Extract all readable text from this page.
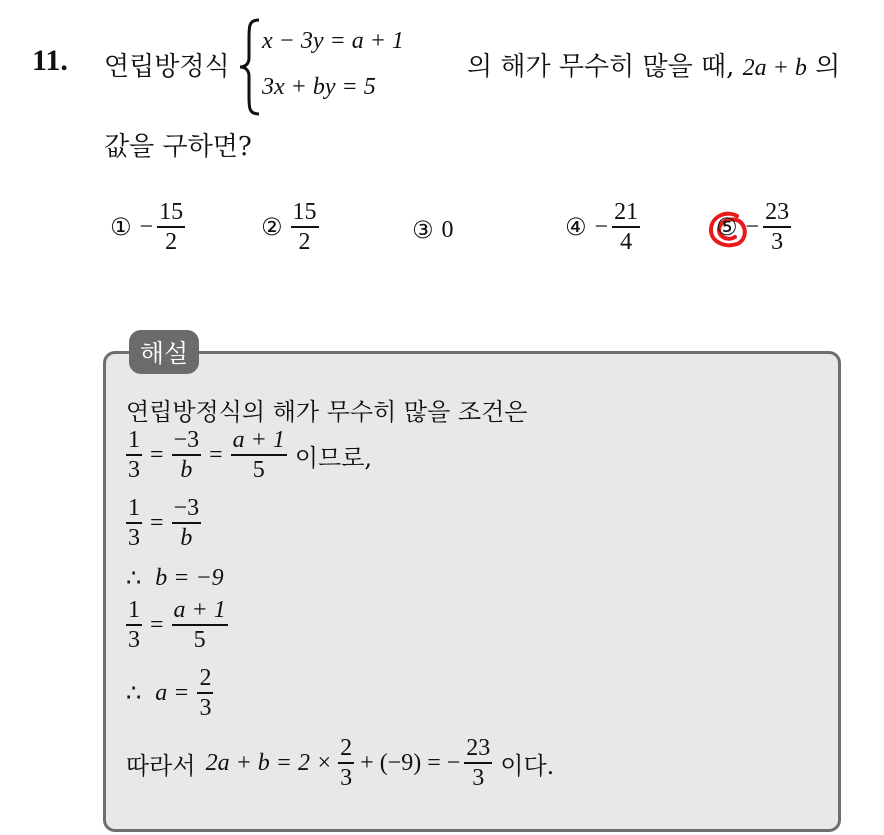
11. 연립방정식
x − 3y = a + 1
3x + by = 5
의 해가 무수히 많을 때, 2a + b 의
값을 구하면?
① − $\frac{15}{2}$	② $\frac{15}{2}$	③ 0	④ − $\frac{21}{4}$	⑤ − $\frac{23}{3}$
해설
연립방정식의 해가 무수히 많을 조건은
$\frac{1}{3} = \frac{-3}{b} = \frac{a + 1}{5}$ 이므로,
$\frac{1}{3} = \frac{-3}{b}$
∴ b = −9
$\frac{1}{3} = \frac{a + 1}{5}$
∴ $a = \frac{2}{3}$
따라서 $2a + b = 2 \times \frac{2}{3} + (-9)$ = − $\frac{23}{3}$ 이다.
